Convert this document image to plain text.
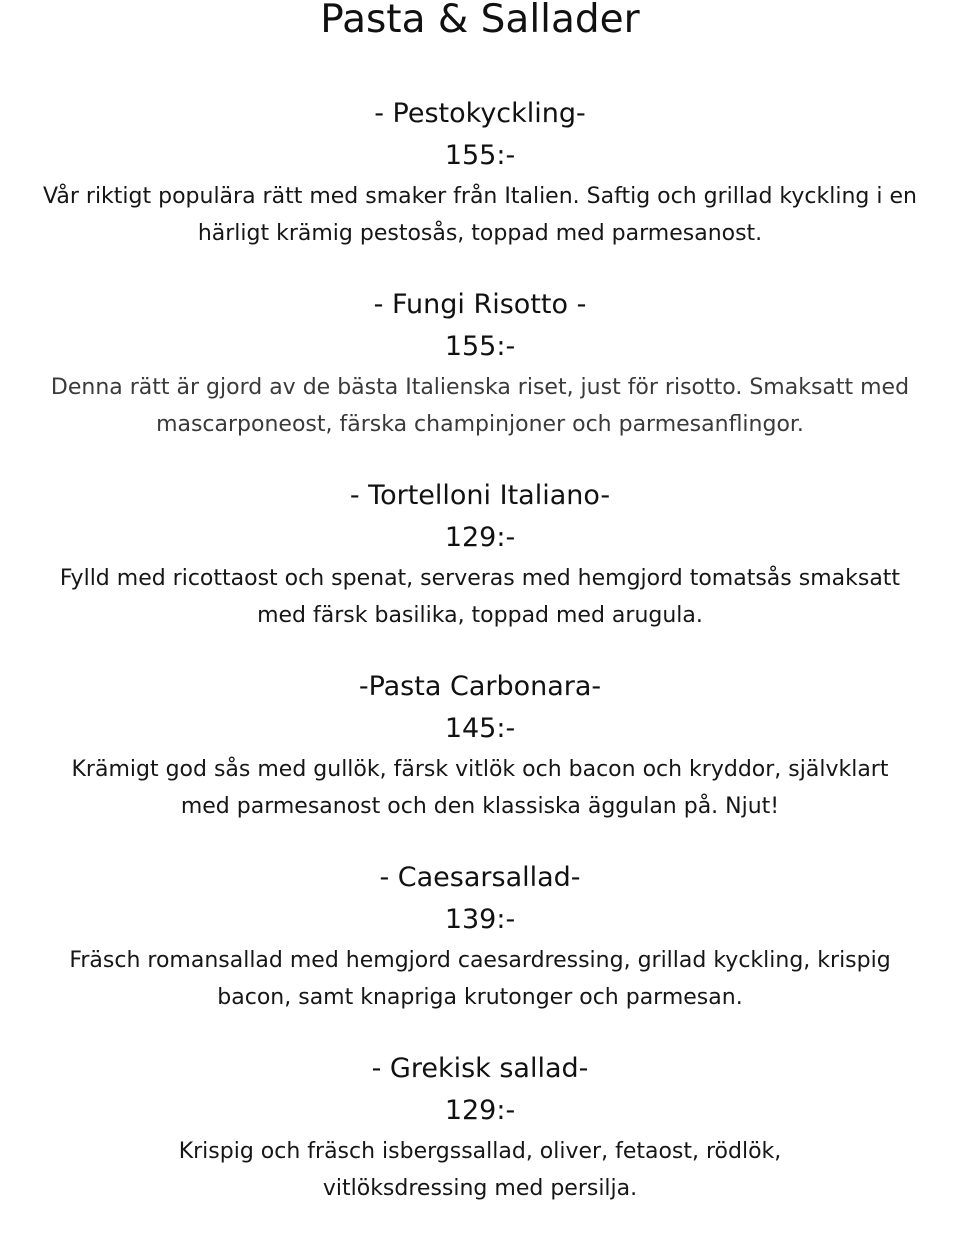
Pasta & Sallader
- Pestokyckling-
155:-
Vår riktigt populära rätt med smaker från Italien. Saftig och grillad kyckling i en
härligt krämig pestosås, toppad med parmesanost.
- Fungi Risotto -
155:-
Denna rätt är gjord av de bästa Italienska riset, just för risotto. Smaksatt med
mascarponeost, färska champinjoner och parmesanflingor.
- Tortelloni Italiano-
129:-
Fylld med ricottaost och spenat, serveras med hemgjord tomatsås smaksatt
med färsk basilika, toppad med arugula.
-Pasta Carbonara-
145:-
Krämigt god sås med gullök, färsk vitlök och bacon och kryddor, självklart
med parmesanost och den klassiska äggulan på. Njut!
- Caesarsallad-
139:-
Fräsch romansallad med hemgjord caesardressing, grillad kyckling, krispig
bacon, samt knapriga krutonger och parmesan.
- Grekisk sallad-
129:-
Krispig och fräsch isbergssallad, oliver, fetaost, rödlök,
vitlöksdressing med persilja.
